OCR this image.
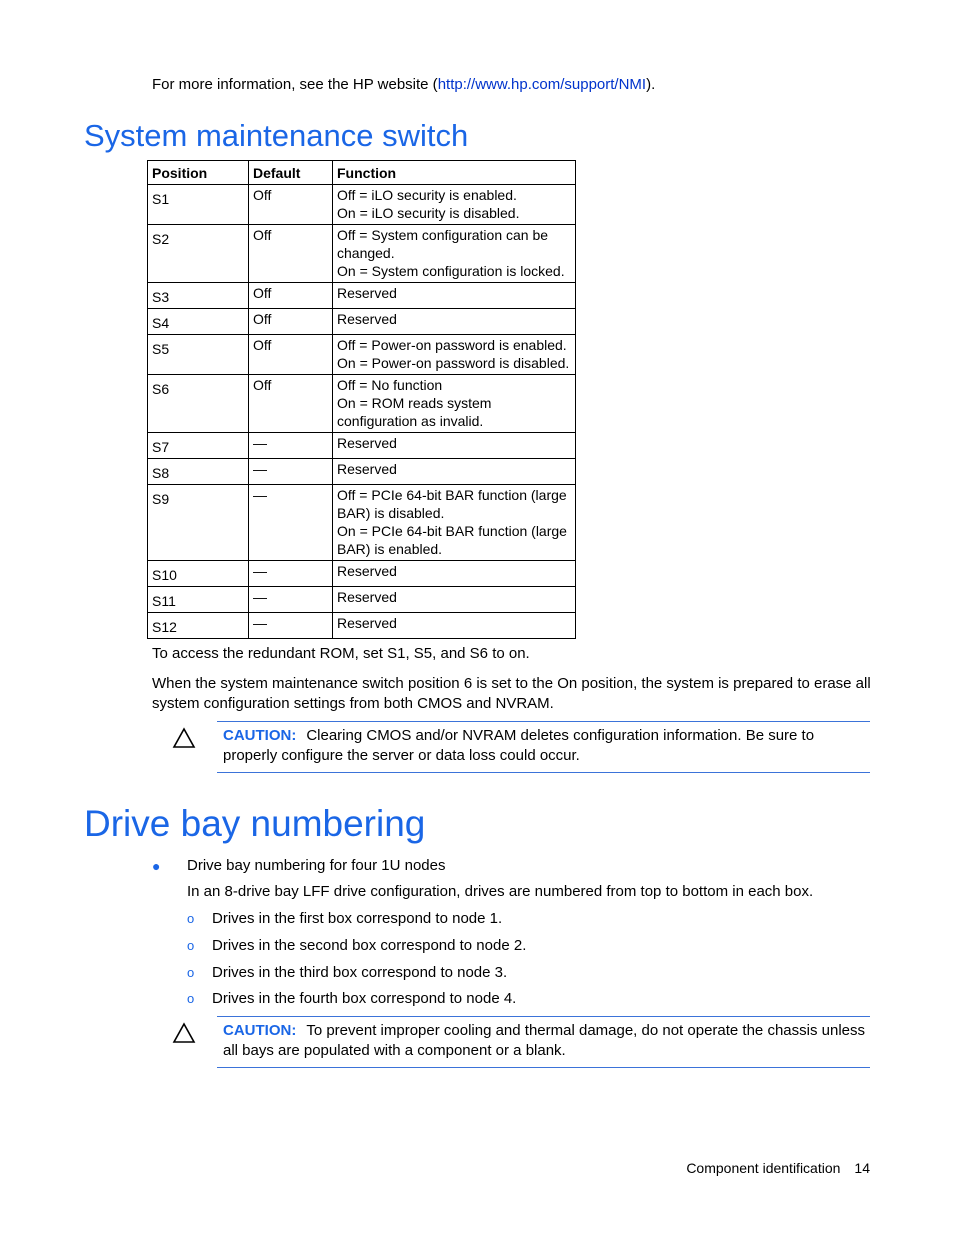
For more information, see the HP website (http://www.hp.com/support/NMI).
System maintenance switch
Position	Default	Function
S1	Off	Off = iLO security is enabled.
On = iLO security is disabled.

S2	Off	Off = System configuration can be changed.
On = System configuration is locked.

S3	Off	Reserved

S4	Off	Reserved

S5	Off	Off = Power-on password is enabled.
On = Power-on password is disabled.

S6	Off	Off = No function
On = ROM reads system configuration as invalid.

S7	—	Reserved

S8	—	Reserved

S9	—	Off = PCIe 64-bit BAR function (large BAR) is disabled.
On = PCIe 64-bit BAR function (large BAR) is enabled.

S10	—	Reserved

S11	—	Reserved

S12	—	Reserved
To access the redundant ROM, set S1, S5, and S6 to on.
When the system maintenance switch position 6 is set to the On position, the system is prepared to erase all system configuration settings from both CMOS and NVRAM.
CAUTION: Clearing CMOS and/or NVRAM deletes configuration information. Be sure to properly configure the server or data loss could occur.
Drive bay numbering
●	Drive bay numbering for four 1U nodes
In an 8-drive bay LFF drive configuration, drives are numbered from top to bottom in each box.
o	Drives in the first box correspond to node 1.
o	Drives in the second box correspond to node 2.
o	Drives in the third box correspond to node 3.
o	Drives in the fourth box correspond to node 4.
CAUTION: To prevent improper cooling and thermal damage, do not operate the chassis unless all bays are populated with a component or a blank.
Component identification 14
